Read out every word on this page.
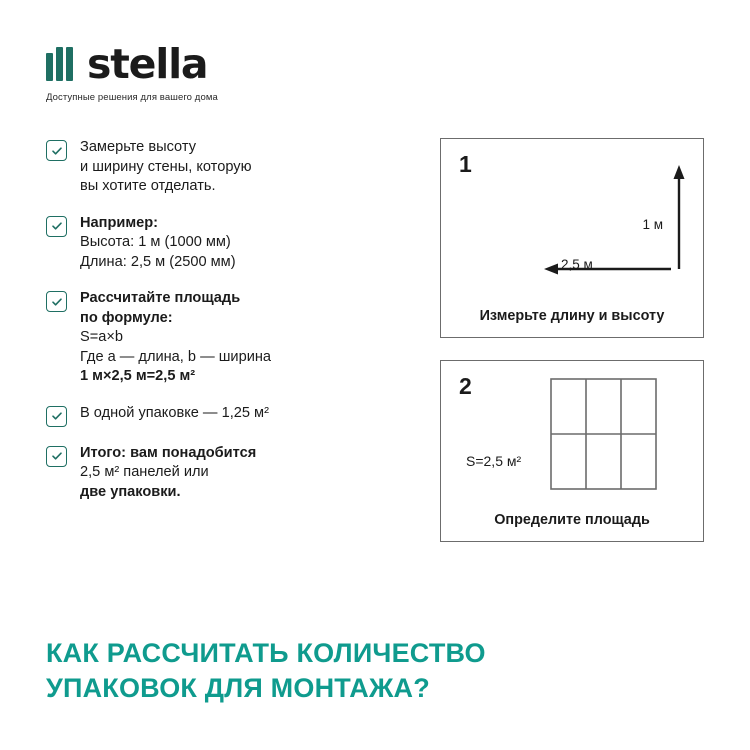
stella
Доступные решения для вашего дома
Замерьте высоту
и ширину стены, которую
вы хотите отделать.
Например:
Высота: 1 м (1000 мм)
Длина: 2,5 м (2500 мм)
Рассчитайте площадь
по формуле:
S=a×b
Где a — длина, b — ширина
1 м×2,5 м=2,5 м²
В одной упаковке — 1,25 м²
Итого: вам понадобится
2,5 м² панелей или
две упаковки.
1
1 м
2,5 м
Измерьте длину и высоту
2
S=2,5 м²
Определите площадь
КАК РАССЧИТАТЬ КОЛИЧЕСТВО
УПАКОВОК ДЛЯ МОНТАЖА?
